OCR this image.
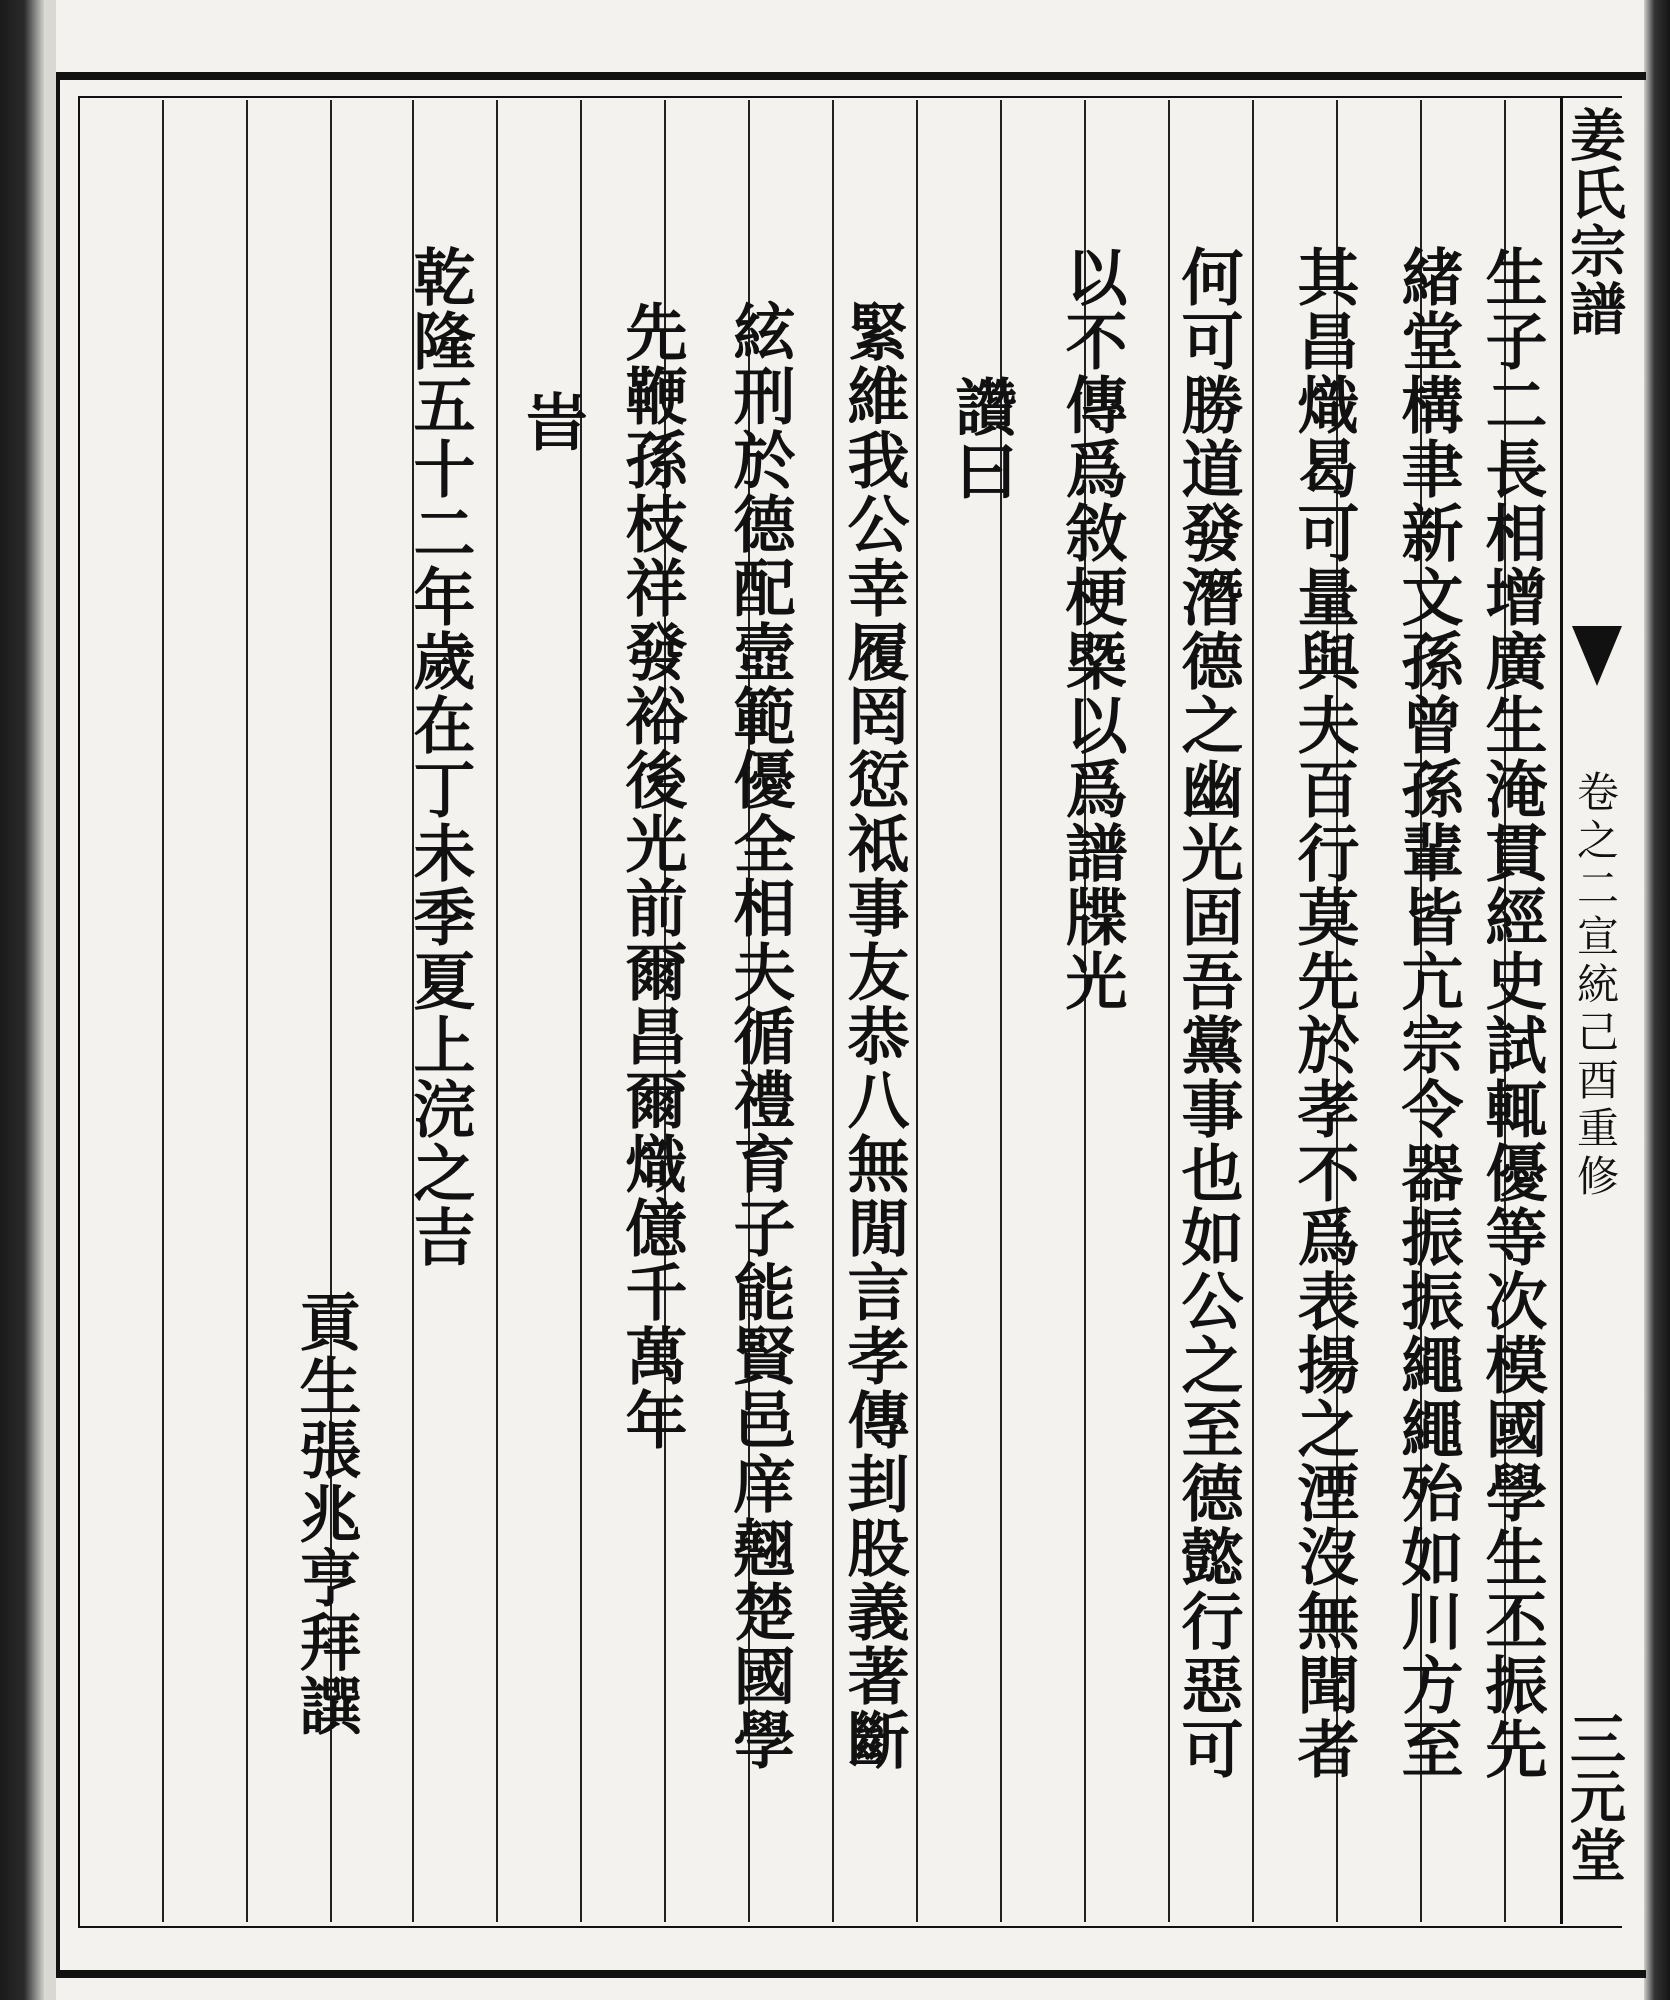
姜氏宗譜
卷之二宣統己酉重修
三元堂
生子二長相增廣生淹貫經史試輒優等次模國學生丕振先
緒堂構聿新文孫曾孫輩皆亢宗令器振振繩繩殆如川方至
其昌熾曷可量與夫百行莫先於孝不爲表揚之湮沒無聞者
何可勝道發潛德之幽光固吾黨事也如公之至德懿行惡可
以不傳爲敘梗槩以爲譜牒光
讚曰
緊維我公幸履罔愆祗事友恭八無閒言孝傳刲股義著斷
絃刑於德配壼範優全相夫循禮育子能賢邑庠翹楚國學
先鞭孫枝祥發裕後光前爾昌爾熾億千萬年
旹
乾隆五十二年歲在丁未季夏上浣之吉
貢生張兆亨拜譔
